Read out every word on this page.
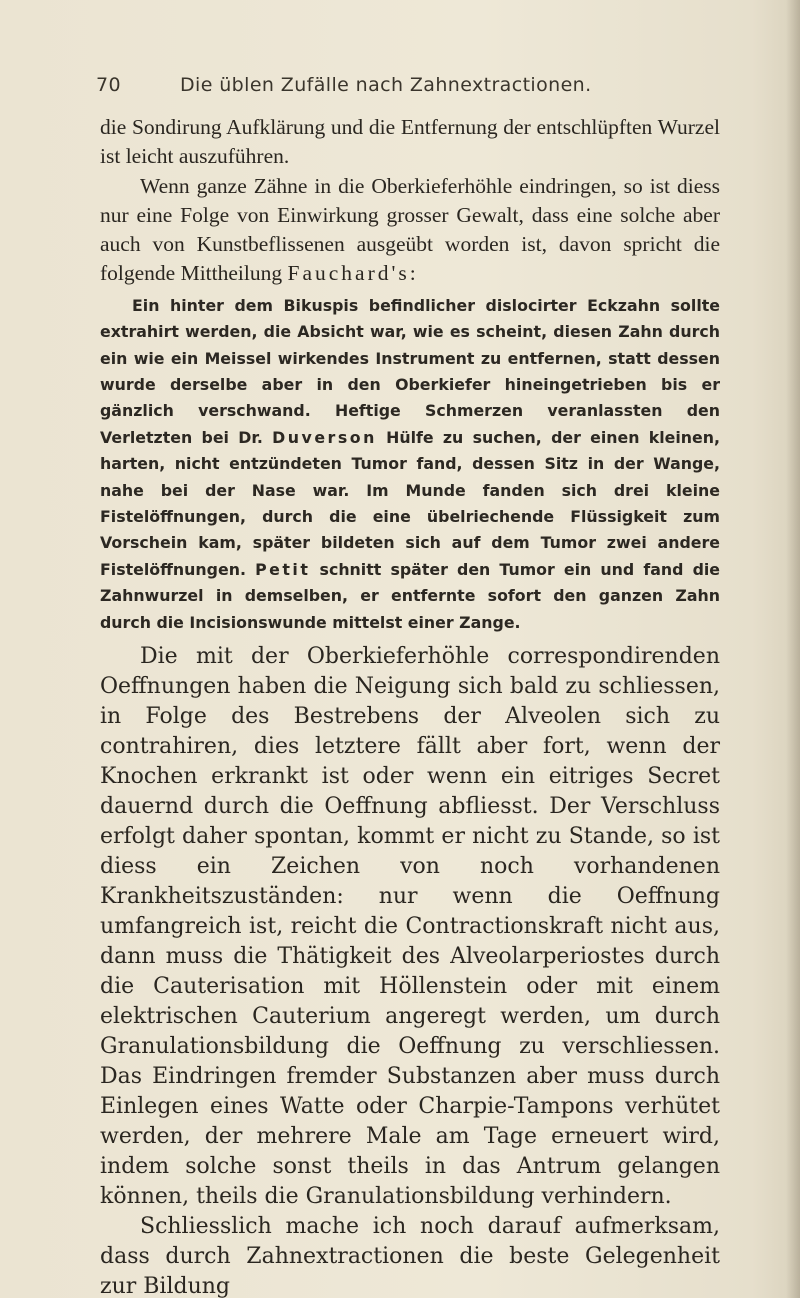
70	Die üblen Zufälle nach Zahnextractionen.

die Sondirung Aufklärung und die Entfernung der entschlüpften Wurzel ist leicht auszuführen.

Wenn ganze Zähne in die Oberkieferhöhle eindringen, so ist diess nur eine Folge von Einwirkung grosser Gewalt, dass eine solche aber auch von Kunstbeflissenen ausgeübt worden ist, davon spricht die folgende Mittheilung Fauchard's:

Ein hinter dem Bikuspis befindlicher dislocirter Eckzahn sollte extrahirt werden, die Absicht war, wie es scheint, diesen Zahn durch ein wie ein Meissel wirkendes Instrument zu entfernen, statt dessen wurde derselbe aber in den Oberkiefer hineingetrieben bis er gänzlich verschwand. Heftige Schmerzen veranlassten den Verletzten bei Dr. Duverson Hülfe zu suchen, der einen kleinen, harten, nicht entzündeten Tumor fand, dessen Sitz in der Wange, nahe bei der Nase war. Im Munde fanden sich drei kleine Fistelöffnungen, durch die eine übelriechende Flüssigkeit zum Vorschein kam, später bildeten sich auf dem Tumor zwei andere Fistelöffnungen. Petit schnitt später den Tumor ein und fand die Zahnwurzel in demselben, er entfernte sofort den ganzen Zahn durch die Incisionswunde mittelst einer Zange.

Die mit der Oberkieferhöhle correspondirenden Oeffnungen haben die Neigung sich bald zu schliessen, in Folge des Bestrebens der Alveolen sich zu contrahiren, dies letztere fällt aber fort, wenn der Knochen erkrankt ist oder wenn ein eitriges Secret dauernd durch die Oeffnung abfliesst. Der Verschluss erfolgt daher spontan, kommt er nicht zu Stande, so ist diess ein Zeichen von noch vorhandenen Krankheitszuständen: nur wenn die Oeffnung umfangreich ist, reicht die Contractionskraft nicht aus, dann muss die Thätigkeit des Alveolarperiostes durch die Cauterisation mit Höllenstein oder mit einem elektrischen Cauterium angeregt werden, um durch Granulationsbildung die Oeffnung zu verschliessen. Das Eindringen fremder Substanzen aber muss durch Einlegen eines Watte oder Charpie-Tampons verhütet werden, der mehrere Male am Tage erneuert wird, indem solche sonst theils in das Antrum gelangen können, theils die Granulationsbildung verhindern.

Schliesslich mache ich noch darauf aufmerksam, dass durch Zahnextractionen die beste Gelegenheit zur Bildung
